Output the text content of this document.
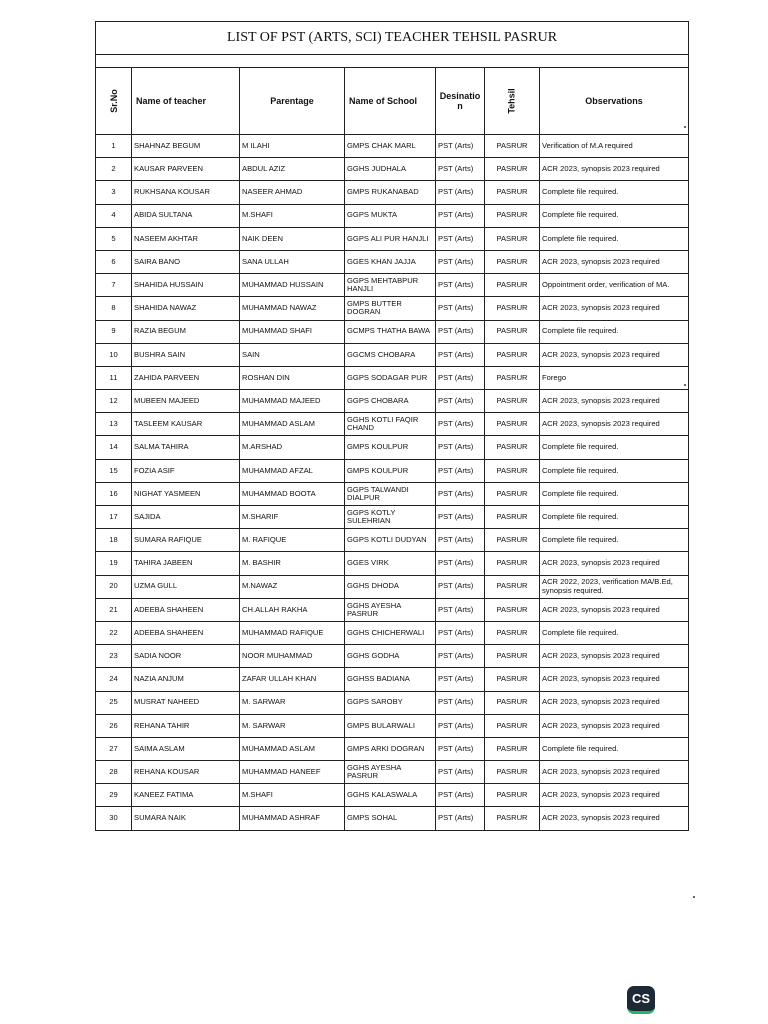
LIST OF PST (ARTS, SCI) TEACHER TEHSIL PASRUR						

Sr.No	Name of teacher	Parentage	Name of School	Desinatio n	Tehsil	Observations
1	SHAHNAZ BEGUM	M ILAHI	GMPS CHAK MARL	PST (Arts)	PASRUR	Verification of M.A required
2	KAUSAR PARVEEN	ABDUL AZIZ	GGHS JUDHALA	PST (Arts)	PASRUR	ACR 2023, synopsis 2023 required
3	RUKHSANA KOUSAR	NASEER AHMAD	GMPS RUKANABAD	PST (Arts)	PASRUR	Complete file required.
4	ABIDA SULTANA	M.SHAFI	GGPS MUKTA	PST (Arts)	PASRUR	Complete file required.
5	NASEEM AKHTAR	NAIK DEEN	GGPS ALI PUR HANJLI	PST (Arts)	PASRUR	Complete file required.
6	SAIRA BANO	SANA ULLAH	GGES KHAN JAJJA	PST (Arts)	PASRUR	ACR 2023, synopsis 2023 required
7	SHAHIDA HUSSAIN	MUHAMMAD HUSSAIN	GGPS MEHTABPUR HANJLI	PST (Arts)	PASRUR	Oppointment order, verification of MA.
8	SHAHIDA NAWAZ	MUHAMMAD NAWAZ	GMPS BUTTER DOGRAN	PST (Arts)	PASRUR	ACR 2023, synopsis 2023 required
9	RAZIA BEGUM	MUHAMMAD SHAFI	GCMPS THATHA BAWA	PST (Arts)	PASRUR	Complete file required.
10	BUSHRA SAIN	SAIN	GGCMS CHOBARA	PST (Arts)	PASRUR	ACR 2023, synopsis 2023 required
11	ZAHIDA PARVEEN	ROSHAN DIN	GGPS SODAGAR PUR	PST (Arts)	PASRUR	Forego
12	MUBEEN MAJEED	MUHAMMAD MAJEED	GGPS CHOBARA	PST (Arts)	PASRUR	ACR 2023, synopsis 2023 required
13	TASLEEM KAUSAR	MUHAMMAD ASLAM	GGHS KOTLI FAQIR CHAND	PST (Arts)	PASRUR	ACR 2023, synopsis 2023 required
14	SALMA TAHIRA	M.ARSHAD	GMPS KOULPUR	PST (Arts)	PASRUR	Complete file required.
15	FOZIA ASIF	MUHAMMAD AFZAL	GMPS KOULPUR	PST (Arts)	PASRUR	Complete file required.
16	NIGHAT YASMEEN	MUHAMMAD BOOTA	GGPS TALWANDI DIALPUR	PST (Arts)	PASRUR	Complete file required.
17	SAJIDA	M.SHARIF	GGPS KOTLY SULEHRIAN	PST (Arts)	PASRUR	Complete file required.
18	SUMARA RAFIQUE	M. RAFIQUE	GGPS KOTLI DUDYAN	PST (Arts)	PASRUR	Complete file required.
19	TAHIRA JABEEN	M. BASHIR	GGES VIRK	PST (Arts)	PASRUR	ACR 2023, synopsis 2023 required
20	UZMA GULL	M.NAWAZ	GGHS DHODA	PST (Arts)	PASRUR	ACR 2022, 2023, verification MA/B.Ed, synopsis required.
21	ADEEBA SHAHEEN	CH.ALLAH RAKHA	GGHS AYESHA PASRUR	PST (Arts)	PASRUR	ACR 2023, synopsis 2023 required
22	ADEEBA SHAHEEN	MUHAMMAD RAFIQUE	GGHS CHICHERWALI	PST (Arts)	PASRUR	Complete file required.
23	SADIA NOOR	NOOR MUHAMMAD	GGHS GODHA	PST (Arts)	PASRUR	ACR 2023, synopsis 2023 required
24	NAZIA ANJUM	ZAFAR ULLAH KHAN	GGHSS BADIANA	PST (Arts)	PASRUR	ACR 2023, synopsis 2023 required
25	MUSRAT NAHEED	M. SARWAR	GGPS SAROBY	PST (Arts)	PASRUR	ACR 2023, synopsis 2023 required
26	REHANA TAHIR	M. SARWAR	GMPS BULARWALI	PST (Arts)	PASRUR	ACR 2023, synopsis 2023 required
27	SAIMA ASLAM	MUHAMMAD ASLAM	GMPS ARKI DOGRAN	PST (Arts)	PASRUR	Complete file required.
28	REHANA KOUSAR	MUHAMMAD HANEEF	GGHS AYESHA PASRUR	PST (Arts)	PASRUR	ACR 2023, synopsis 2023 required
29	KANEEZ FATIMA	M.SHAFI	GGHS KALASWALA	PST (Arts)	PASRUR	ACR 2023, synopsis 2023 required
30	SUMARA NAIK	MUHAMMAD ASHRAF	GMPS SOHAL	PST (Arts)	PASRUR	ACR 2023, synopsis 2023 required
CS
